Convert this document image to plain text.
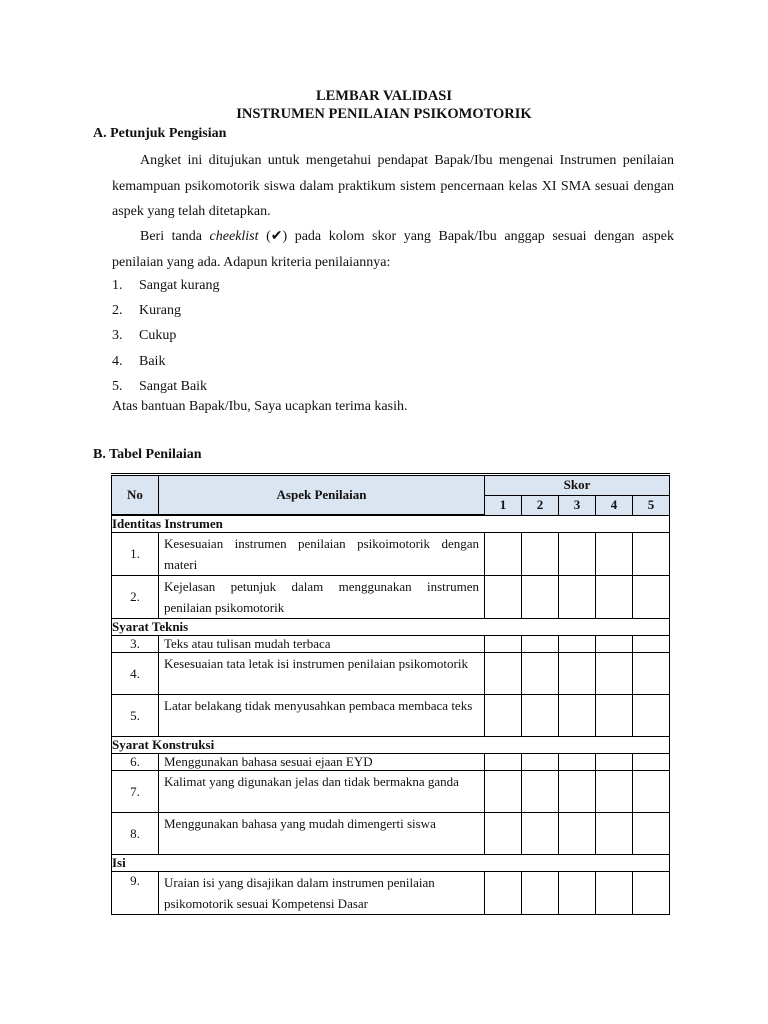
LEMBAR VALIDASI
INSTRUMEN PENILAIAN PSIKOMOTORIK
A. Petunjuk Pengisian
Angket ini ditujukan untuk mengetahui pendapat Bapak/Ibu mengenai Instrumen penilaian kemampuan psikomotorik siswa dalam praktikum sistem pencernaan kelas XI SMA sesuai dengan aspek yang telah ditetapkan.
Beri tanda cheeklist (✔) pada kolom skor yang Bapak/Ibu anggap sesuai dengan aspek penilaian yang ada. Adapun kriteria penilaiannya:
1. Sangat kurang
2. Kurang
3. Cukup
4. Baik
5. Sangat Baik
Atas bantuan Bapak/Ibu, Saya ucapkan terima kasih.
B. Tabel Penilaian
No	Aspek Penilaian	Skor				
		1	2	3	4	5
Identitas Instrumen						
1.	Kesesuaian instrumen penilaian psikoimotorik dengan materi					
2.	Kejelasan petunjuk dalam menggunakan instrumen penilaian psikomotorik					
Syarat Teknis						
3.	Teks atau tulisan mudah terbaca					
4.	Kesesuaian tata letak isi instrumen penilaian psikomotorik					
5.	Latar belakang tidak menyusahkan pembaca membaca teks					
Syarat Konstruksi						
6.	Menggunakan bahasa sesuai ejaan EYD					
7.	Kalimat yang digunakan jelas dan tidak bermakna ganda					
8.	Menggunakan bahasa yang mudah dimengerti siswa					
Isi						
9.	Uraian isi yang disajikan dalam instrumen penilaian psikomotorik sesuai Kompetensi Dasar					
